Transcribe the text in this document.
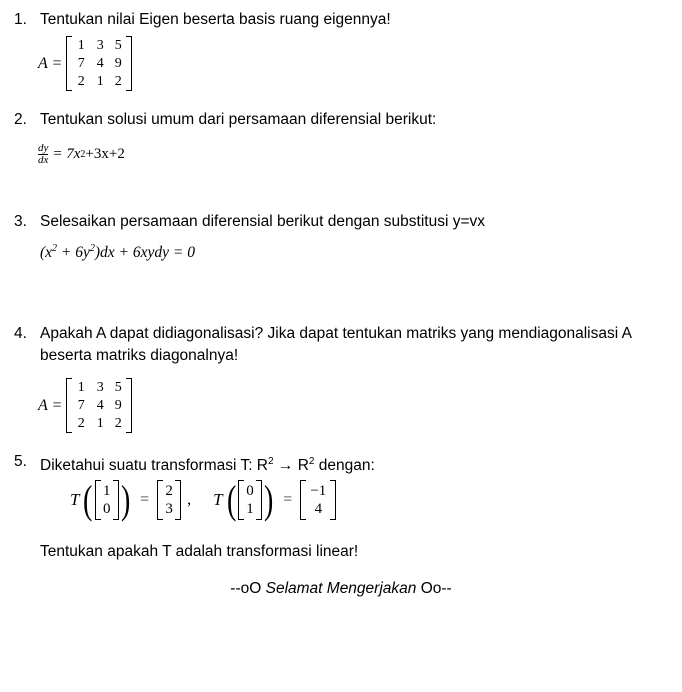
1. Tentukan nilai Eigen beserta basis ruang eigennya!
A =
1 3 5
7 4 9
2 1 2
2. Tentukan solusi umum dari persamaan diferensial berikut:
$\frac{dy}{dx} = 7x$ 2 +3x+2
3. Selesaikan persamaan diferensial berikut dengan substitusi y=vx
$(x^2 + 6y^2)dx$ + 6xydy = 0
4. Apakah A dapat didiagonalisasi? Jika dapat tentukan matriks yang mendiagonalisasi A
beserta matriks diagonalnya!
A =
1 3 5
7 4 9
2 1 2
5. Diketahui suatu transformasi T: $R^2 \to R^2$ dengan:
T ( 1
0 ) = 2
3
, T ( 0
1 ) =	−1
4
Tentukan apakah T adalah transformasi linear!
--oO Selamat Mengerjakan Oo--
